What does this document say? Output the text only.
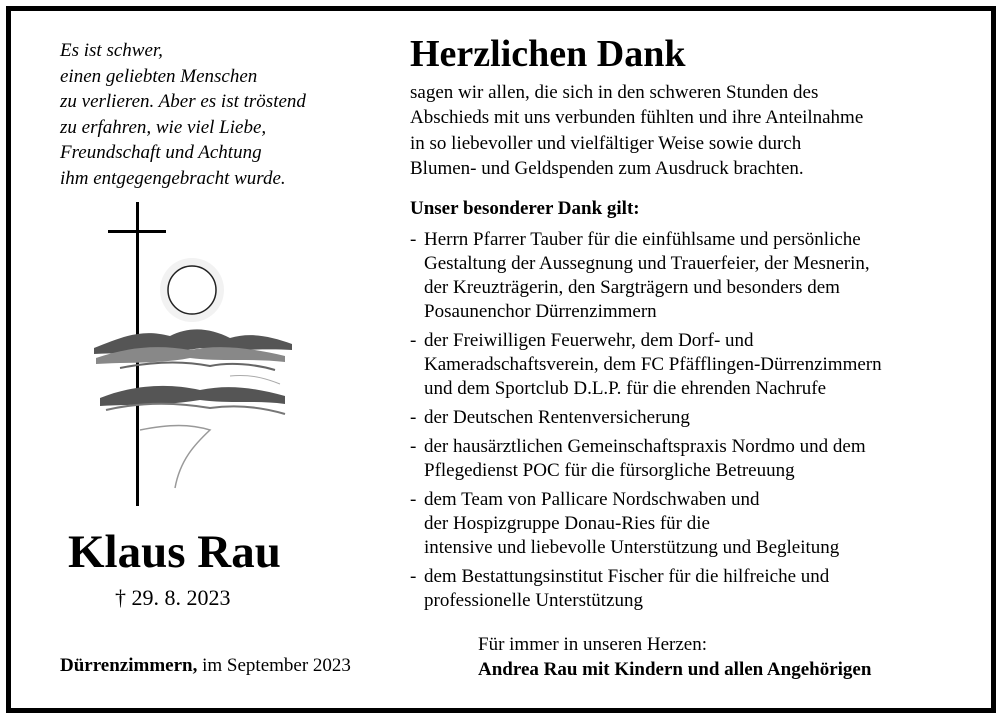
Es ist schwer,
einen geliebten Menschen
zu verlieren. Aber es ist tröstend
zu erfahren, wie viel Liebe,
Freundschaft und Achtung
ihm entgegengebracht wurde.
Klaus Rau
† 29. 8. 2023
Dürrenzimmern, im September 2023
Herzlichen Dank
sagen wir allen, die sich in den schweren Stunden des
Abschieds mit uns verbunden fühlten und ihre Anteilnahme
in so liebevoller und vielfältiger Weise sowie durch
Blumen- und Geldspenden zum Ausdruck brachten.
Unser besonderer Dank gilt:
- Herrn Pfarrer Tauber für die einfühlsame und persönliche
Gestaltung der Aussegnung und Trauerfeier, der Mesnerin,
der Kreuzträgerin, den Sargträgern und besonders dem
Posaunenchor Dürrenzimmern
- der Freiwilligen Feuerwehr, dem Dorf- und
Kameradschaftsverein, dem FC Pfäfflingen-Dürrenzimmern
und dem Sportclub D.L.P. für die ehrenden Nachrufe
- der Deutschen Rentenversicherung
- der hausärztlichen Gemeinschaftspraxis Nordmo und dem
Pflegedienst POC für die fürsorgliche Betreuung
- dem Team von Pallicare Nordschwaben und
der Hospizgruppe Donau-Ries für die
intensive und liebevolle Unterstützung und Begleitung
- dem Bestattungsinstitut Fischer für die hilfreiche und
professionelle Unterstützung
Für immer in unseren Herzen:
Andrea Rau mit Kindern und allen Angehörigen
